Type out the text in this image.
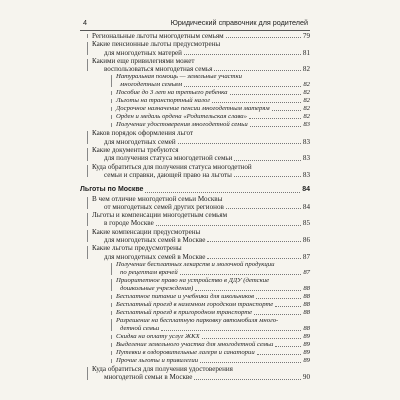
4	Юридический справочник для родителей
Региональные льготы многодетным семьям	79
Какие пенсионные льготы предусмотрены
для многодетных матерей	81
Какими еще привилегиями может
воспользоваться многодетная семья	82
Натуральная помощь — земельные участки
многодетным семьям	82
Пособие до 3 лет на третьего ребенка	82
Льготы на транспортный налог	82
Досрочное назначение пенсии многодетным матерям	82
Орден и медаль ордена «Родительская слава»	82
Получение удостоверения многодетной семьи	83
Каков порядок оформления льгот
для многодетных семей	83
Какие документы требуются
для получения статуса многодетной семьи	83
Куда обратиться для получения статуса многодетной
семьи и справки, дающей право на льготы	83
Льготы по Москве	84
В чем отличие многодетной семьи Москвы
от многодетных семей других регионов	84
Льготы и компенсации многодетным семьям
в городе Москве	85
Какие компенсации предусмотрены
для многодетных семей в Москве	86
Какие льготы предусмотрены
для многодетных семей в Москве	87
Получение бесплатных лекарств и молочной продукции
по рецептам врачей	87
Приоритетное право на устройство в ДДУ (детские
дошкольные учреждения)	88
Бесплатное питание и учебники для школьников	88
Бесплатный проезд в наземном городском транспорте	88
Бесплатный проезд в пригородном транспорте	88
Разрешение на бесплатную парковку автомобиля много-
детной семьи	88
Скидка на оплату услуг ЖКХ	89
Выделение земельного участка для многодетной семьи	89
Путевки в оздоровительные лагеря и санатории	89
Прочие льготы и привилегии	89
Куда обратиться для получения удостоверения
многодетной семьи в Москве	90
